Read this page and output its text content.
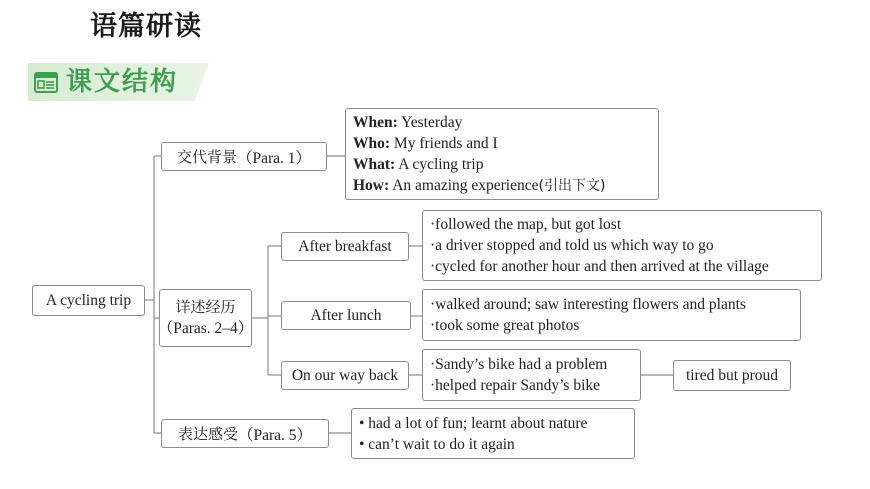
语篇研读
课文结构
A cycling trip
交代背景 （Para. 1）
When: Yesterday
Who: My friends and I
What: A cycling trip
How: An amazing experience(引出下文)
详述经历
（Paras. 2–4）
After breakfast
·followed the map, but got lost
·a driver stopped and told us which way to go
·cycled for another hour and then arrived at the village
After lunch
·walked around; saw interesting flowers and plants
·took some great photos
On our way back
·Sandy’s bike had a problem
·helped repair Sandy’s bike
tired but proud
表达感受 （Para. 5）
• had a lot of fun; learnt about nature
• can’t wait to do it again
